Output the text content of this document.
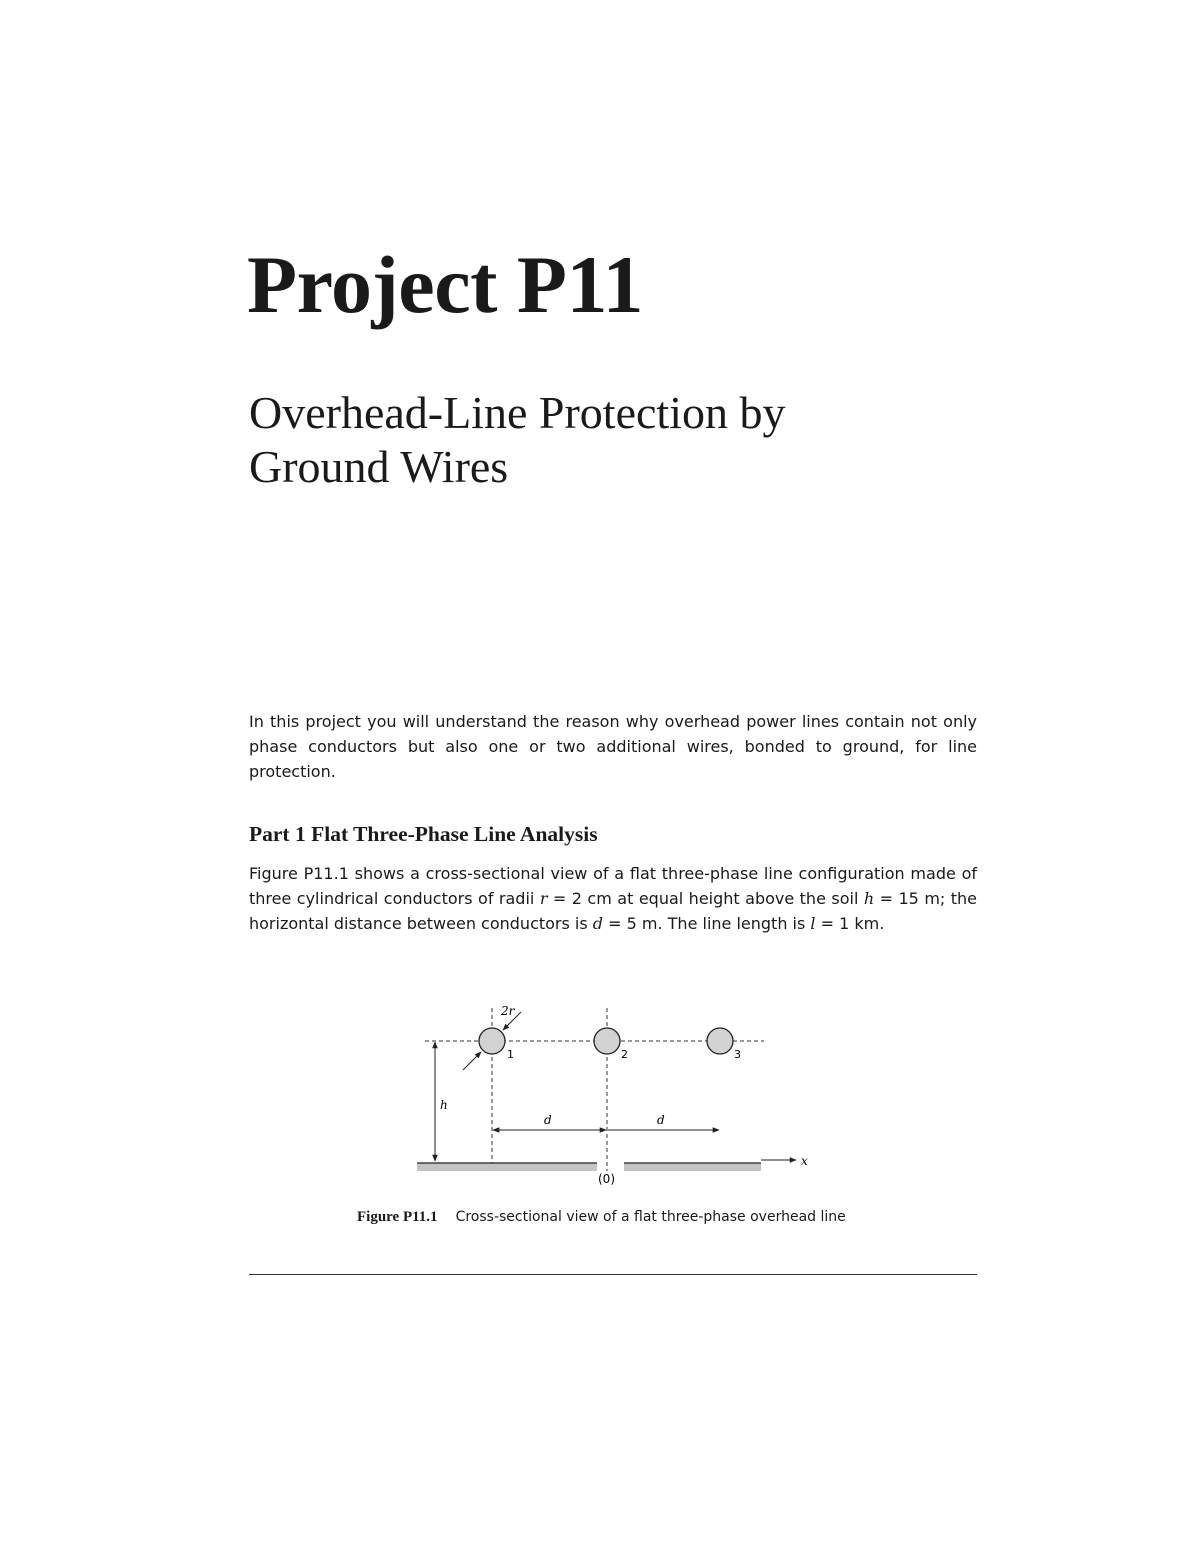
Project P11
Overhead-Line Protection by
Ground Wires

In this project you will understand the reason why overhead power lines contain not only phase conductors but also one or two additional wires, bonded to ground, for line protection.

Part 1 Flat Three-Phase Line Analysis

Figure P11.1 shows a cross-sectional view of a flat three-phase line configuration made of three cylindrical conductors of radii r = 2 cm at equal height above the soil h = 15 m; the horizontal distance between conductors is d = 5 m. The line length is l = 1 km.

x
h
d	d
2r
1	2	3
(0)

Figure P11.1 Cross-sectional view of a flat three-phase overhead line
